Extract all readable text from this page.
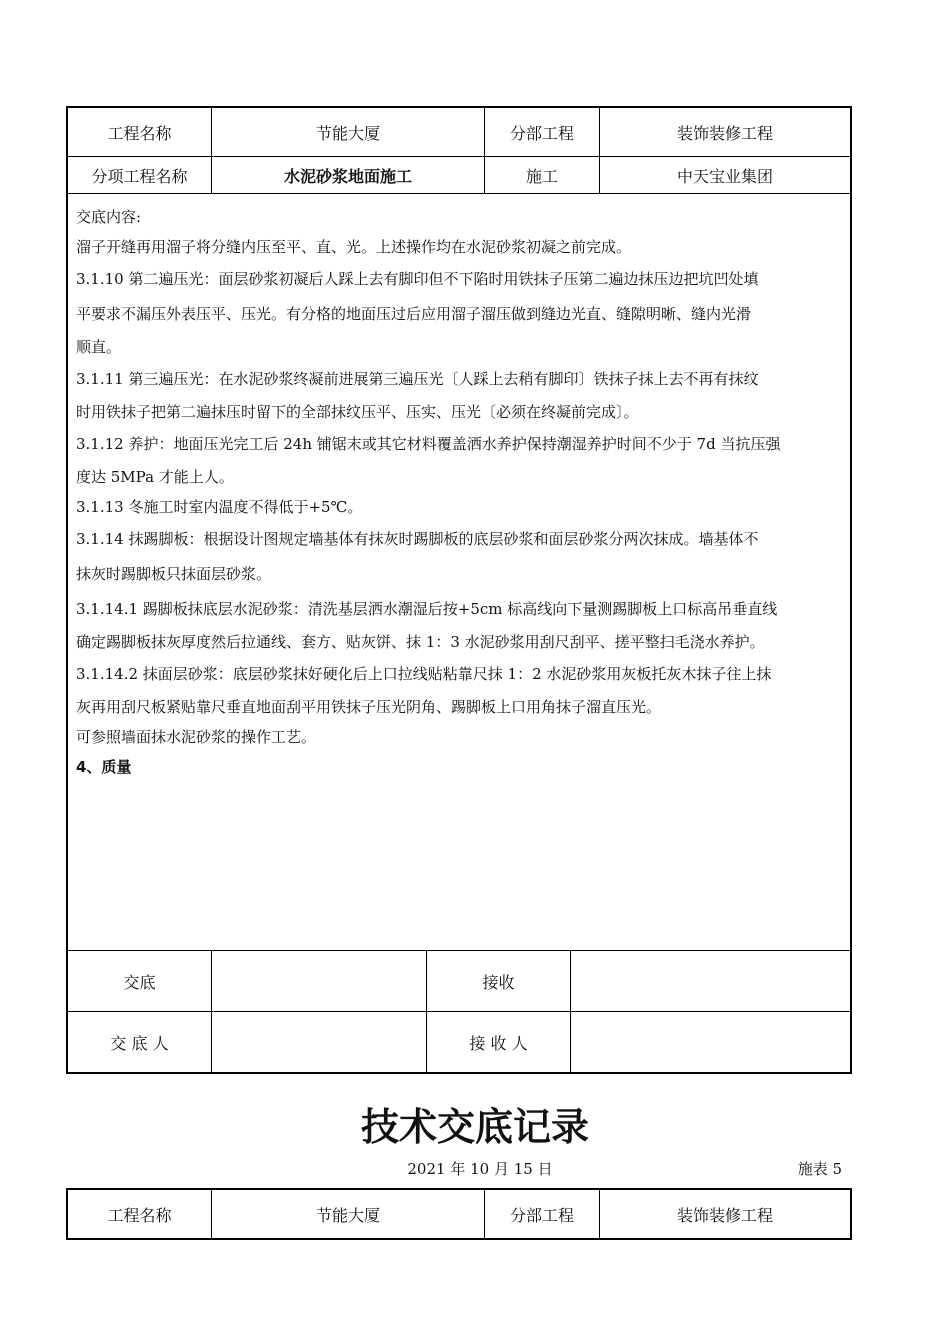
工程名称	节能大厦	分部工程	装饰装修工程
分项工程名称	水泥砂浆地面施工	施工	中天宝业集团
交底内容:
溜子开缝再用溜子将分缝内压至平、直、光。上述操作均在水泥砂浆初凝之前完成。
3.1.10 第二遍压光：面层砂浆初凝后人踩上去有脚印但不下陷时用铁抹子压第二遍边抹压边把坑凹处填
平要求不漏压外表压平、压光。有分格的地面压过后应用溜子溜压做到缝边光直、缝隙明晰、缝内光滑
顺直。
3.1.11 第三遍压光：在水泥砂浆终凝前进展第三遍压光〔人踩上去稍有脚印〕铁抹子抹上去不再有抹纹
时用铁抹子把第二遍抹压时留下的全部抹纹压平、压实、压光〔必须在终凝前完成〕。
3.1.12 养护：地面压光完工后 24h 铺锯末或其它材料覆盖洒水养护保持潮湿养护时间不少于 7d 当抗压强
度达 5MPa 才能上人。
3.1.13 冬施工时室内温度不得低于+5℃。
3.1.14 抹踢脚板：根据设计图规定墙基体有抹灰时踢脚板的底层砂浆和面层砂浆分两次抹成。墙基体不
抹灰时踢脚板只抹面层砂浆。
3.1.14.1 踢脚板抹底层水泥砂浆：清洗基层洒水潮湿后按+5cm 标高线向下量测踢脚板上口标高吊垂直线
确定踢脚板抹灰厚度然后拉通线、套方、贴灰饼、抹 1：3 水泥砂浆用刮尺刮平、搓平整扫毛浇水养护。
3.1.14.2 抹面层砂浆：底层砂浆抹好硬化后上口拉线贴粘靠尺抹 1：2 水泥砂浆用灰板托灰木抹子往上抹
灰再用刮尺板紧贴靠尺垂直地面刮平用铁抹子压光阴角、踢脚板上口用角抹子溜直压光。
可参照墙面抹水泥砂浆的操作工艺。
4、质量
交底	接收
交 底 人	接 收 人
技术交底记录
2021 年 10 月 15 日	施表 5
工程名称	节能大厦	分部工程	装饰装修工程
